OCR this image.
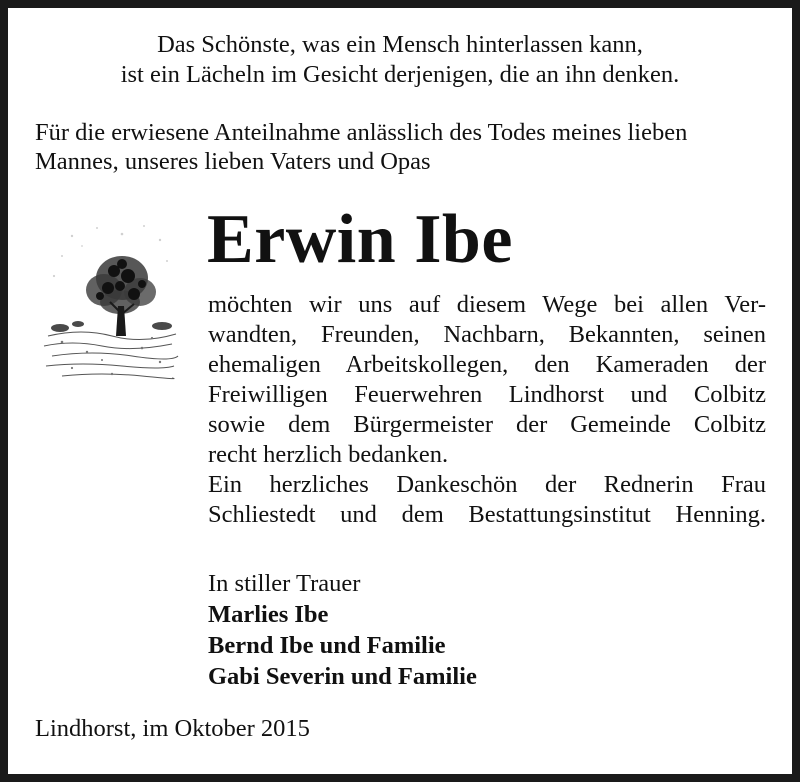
Das Schönste, was ein Mensch hinterlassen kann,
ist ein Lächeln im Gesicht derjenigen, die an ihn denken.
Für die erwiesene Anteilnahme anlässlich des Todes meines lieben
Mannes, unseres lieben Vaters und Opas
Erwin Ibe
möchten wir uns auf diesem Wege bei allen Ver-
wandten, Freunden, Nachbarn, Bekannten, seinen
ehemaligen Arbeitskollegen, den Kameraden der
Freiwilligen Feuerwehren Lindhorst und Colbitz
sowie dem Bürgermeister der Gemeinde Colbitz
recht herzlich bedanken.
Ein herzliches Dankeschön der Rednerin Frau
Schliestedt und dem Bestattungsinstitut Henning.
In stiller Trauer
Marlies Ibe
Bernd Ibe und Familie
Gabi Severin und Familie
Lindhorst, im Oktober 2015
